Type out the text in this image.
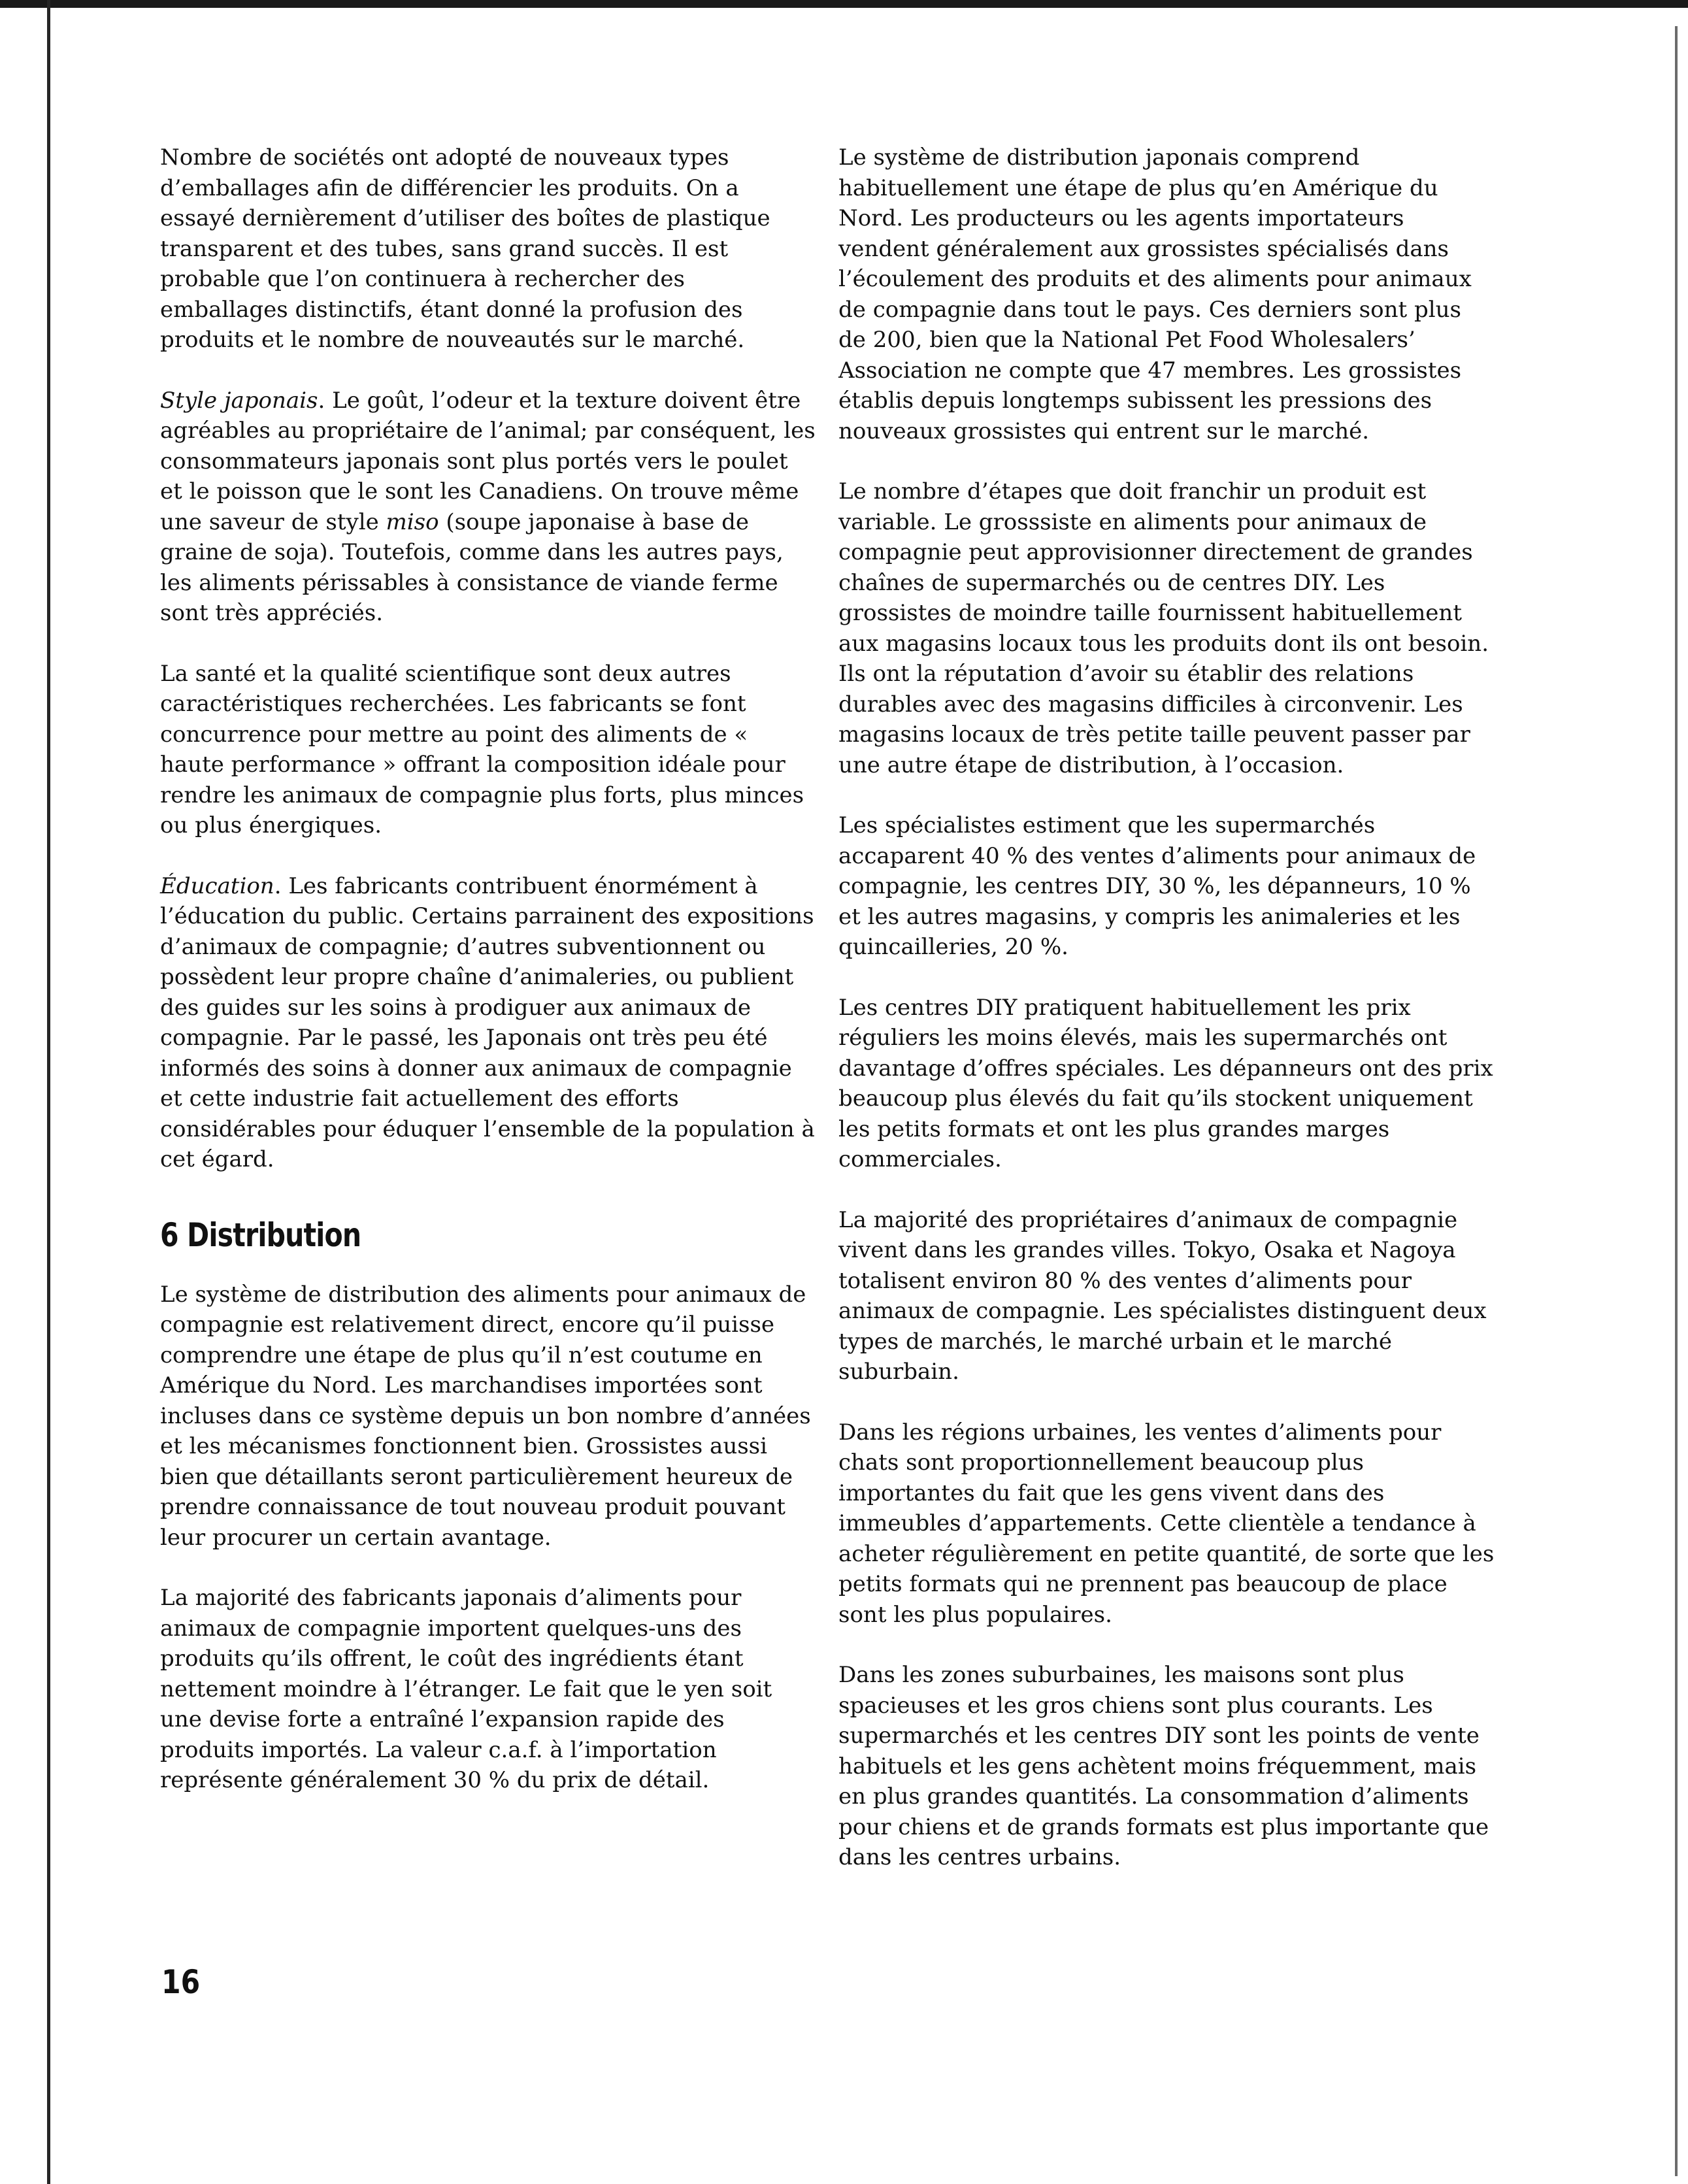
Nombre de sociétés ont adopté de nouveaux types d’emballages afin de différencier les produits. On a essayé dernièrement d’utiliser des boîtes de plastique transparent et des tubes, sans grand succès. Il est probable que l’on continuera à rechercher des emballages distinctifs, étant donné la profusion des produits et le nombre de nouveautés sur le marché.

Style japonais. Le goût, l’odeur et la texture doivent être agréables au propriétaire de l’animal; par conséquent, les consommateurs japonais sont plus portés vers le poulet et le poisson que le sont les Canadiens. On trouve même une saveur de style miso (soupe japonaise à base de graine de soja). Toutefois, comme dans les autres pays, les aliments périssables à consistance de viande ferme sont très appréciés.

La santé et la qualité scientifique sont deux autres caractéristiques recherchées. Les fabricants se font concurrence pour mettre au point des aliments de « haute performance » offrant la composition idéale pour rendre les animaux de compagnie plus forts, plus minces ou plus énergiques.

Éducation. Les fabricants contribuent énormément à l’éducation du public. Certains parrainent des expositions d’animaux de compagnie; d’autres subventionnent ou possèdent leur propre chaîne d’animaleries, ou publient des guides sur les soins à prodiguer aux animaux de compagnie. Par le passé, les Japonais ont très peu été informés des soins à donner aux animaux de compagnie et cette industrie fait actuellement des efforts considérables pour éduquer l’ensemble de la population à cet égard.

6 Distribution

Le système de distribution des aliments pour animaux de compagnie est relativement direct, encore qu’il puisse comprendre une étape de plus qu’il n’est coutume en Amérique du Nord. Les marchandises importées sont incluses dans ce système depuis un bon nombre d’années et les mécanismes fonctionnent bien. Grossistes aussi bien que détaillants seront particulièrement heureux de prendre connaissance de tout nouveau produit pouvant leur procurer un certain avantage.

La majorité des fabricants japonais d’aliments pour animaux de compagnie importent quelques-uns des produits qu’ils offrent, le coût des ingrédients étant nettement moindre à l’étranger. Le fait que le yen soit une devise forte a entraîné l’expansion rapide des produits importés. La valeur c.a.f. à l’importation représente généralement 30 % du prix de détail.

Le système de distribution japonais comprend habituellement une étape de plus qu’en Amérique du Nord. Les producteurs ou les agents importateurs vendent généralement aux grossistes spécialisés dans l’écoulement des produits et des aliments pour animaux de compagnie dans tout le pays. Ces derniers sont plus de 200, bien que la National Pet Food Wholesalers’ Association ne compte que 47 membres. Les grossistes établis depuis longtemps subissent les pressions des nouveaux grossistes qui entrent sur le marché.

Le nombre d’étapes que doit franchir un produit est variable. Le grosssiste en aliments pour animaux de compagnie peut approvisionner directement de grandes chaînes de supermarchés ou de centres DIY. Les grossistes de moindre taille fournissent habituellement aux magasins locaux tous les produits dont ils ont besoin. Ils ont la réputation d’avoir su établir des relations durables avec des magasins difficiles à circonvenir. Les magasins locaux de très petite taille peuvent passer par une autre étape de distribution, à l’occasion.

Les spécialistes estiment que les supermarchés accaparent 40 % des ventes d’aliments pour animaux de compagnie, les centres DIY, 30 %, les dépanneurs, 10 % et les autres magasins, y compris les animaleries et les quincailleries, 20 %.

Les centres DIY pratiquent habituellement les prix réguliers les moins élevés, mais les supermarchés ont davantage d’offres spéciales. Les dépanneurs ont des prix beaucoup plus élevés du fait qu’ils stockent uniquement les petits formats et ont les plus grandes marges commerciales.

La majorité des propriétaires d’animaux de compagnie vivent dans les grandes villes. Tokyo, Osaka et Nagoya totalisent environ 80 % des ventes d’aliments pour animaux de compagnie. Les spécialistes distinguent deux types de marchés, le marché urbain et le marché suburbain.

Dans les régions urbaines, les ventes d’aliments pour chats sont proportionnellement beaucoup plus importantes du fait que les gens vivent dans des immeubles d’appartements. Cette clientèle a tendance à acheter régulièrement en petite quantité, de sorte que les petits formats qui ne prennent pas beaucoup de place sont les plus populaires.

Dans les zones suburbaines, les maisons sont plus spacieuses et les gros chiens sont plus courants. Les supermarchés et les centres DIY sont les points de vente habituels et les gens achètent moins fréquemment, mais en plus grandes quantités. La consommation d’aliments pour chiens et de grands formats est plus importante que dans les centres urbains.

16
